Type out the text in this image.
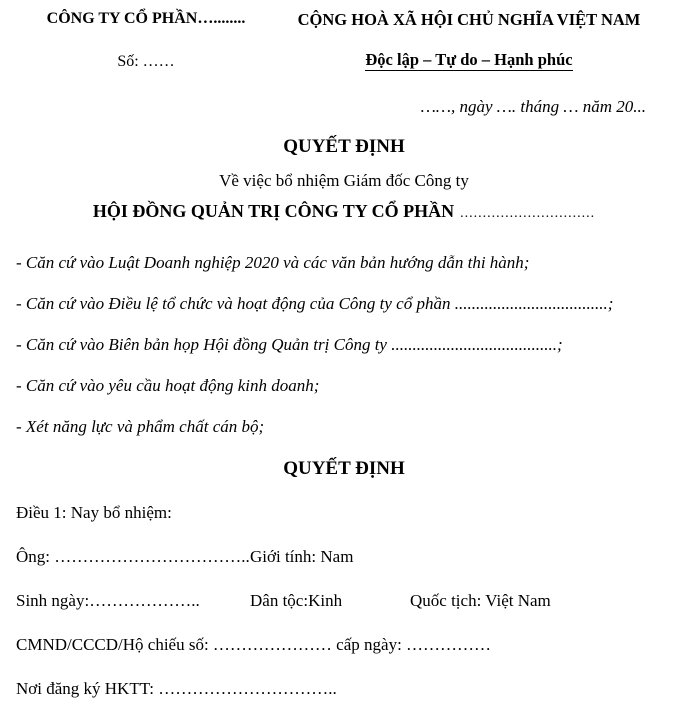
CÔNG TY CỔ PHẦN…........

Số: ……

CỘNG HOÀ XÃ HỘI CHỦ NGHĨA VIỆT NAM

Độc lập – Tự do – Hạnh phúc

……, ngày …. tháng … năm 20...

QUYẾT ĐỊNH

Về việc bổ nhiệm Giám đốc Công ty

HỘI ĐỒNG QUẢN TRỊ CÔNG TY CỔ PHẦN ..............................

- Căn cứ vào Luật Doanh nghiệp 2020 và các văn bản hướng dẫn thi hành;

- Căn cứ vào Điều lệ tổ chức và hoạt động của Công ty cổ phần ....................................;

- Căn cứ vào Biên bản họp Hội đồng Quản trị Công ty .......................................;

- Căn cứ vào yêu cầu hoạt động kinh doanh;

- Xét năng lực và phẩm chất cán bộ;

QUYẾT ĐỊNH

Điều 1: Nay bổ nhiệm:

Ông: …………………………….. Giới tính: Nam

Sinh ngày:………………..	Dân tộc:Kinh	Quốc tịch: Việt Nam

CMND/CCCD/Hộ chiếu số: ………………… cấp ngày: ……………

Nơi đăng ký HKTT: …………………………..
